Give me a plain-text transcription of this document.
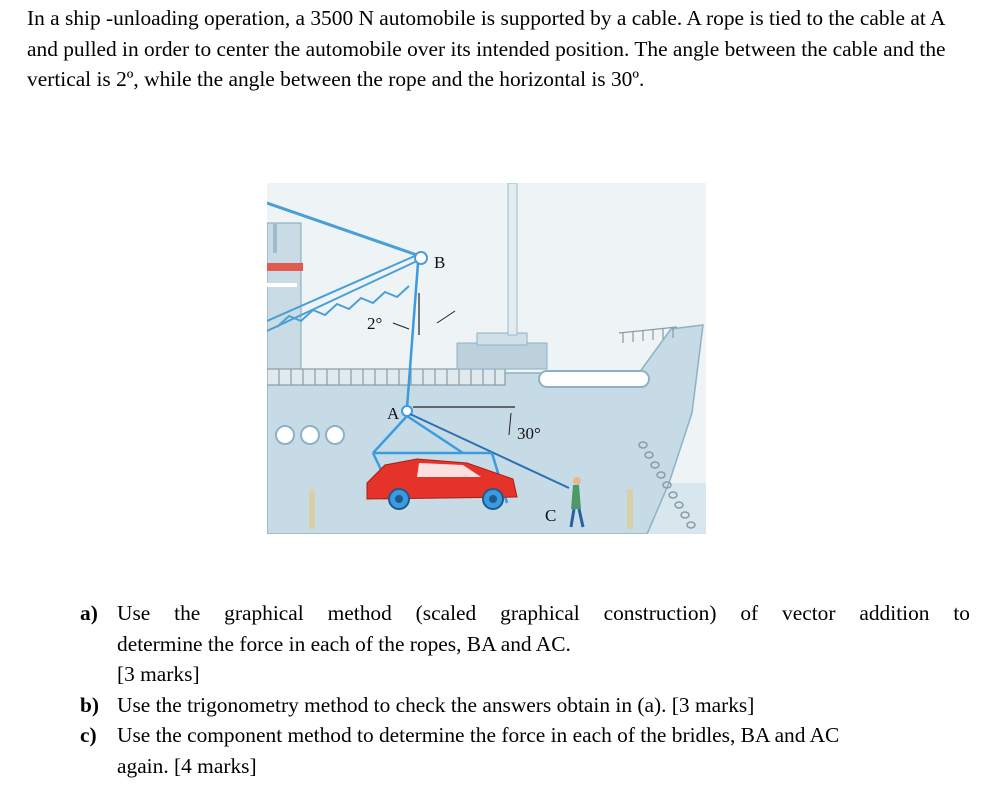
In a ship -unloading operation, a 3500 N automobile is supported by a cable. A rope is tied to the cable at A and pulled in order to center the automobile over its intended position. The angle between the cable and the vertical is 2º, while the angle between the rope and the horizontal is 30º.

B
2°
A
30°
C
a) Use the graphical method (scaled graphical construction) of vector addition to
determine the force in each of the ropes, BA and AC.
[3 marks]
b) Use the trigonometry method to check the answers obtain in (a). [3 marks]
c) Use the component method to determine the force in each of the bridles, BA and AC
again. [4 marks]
